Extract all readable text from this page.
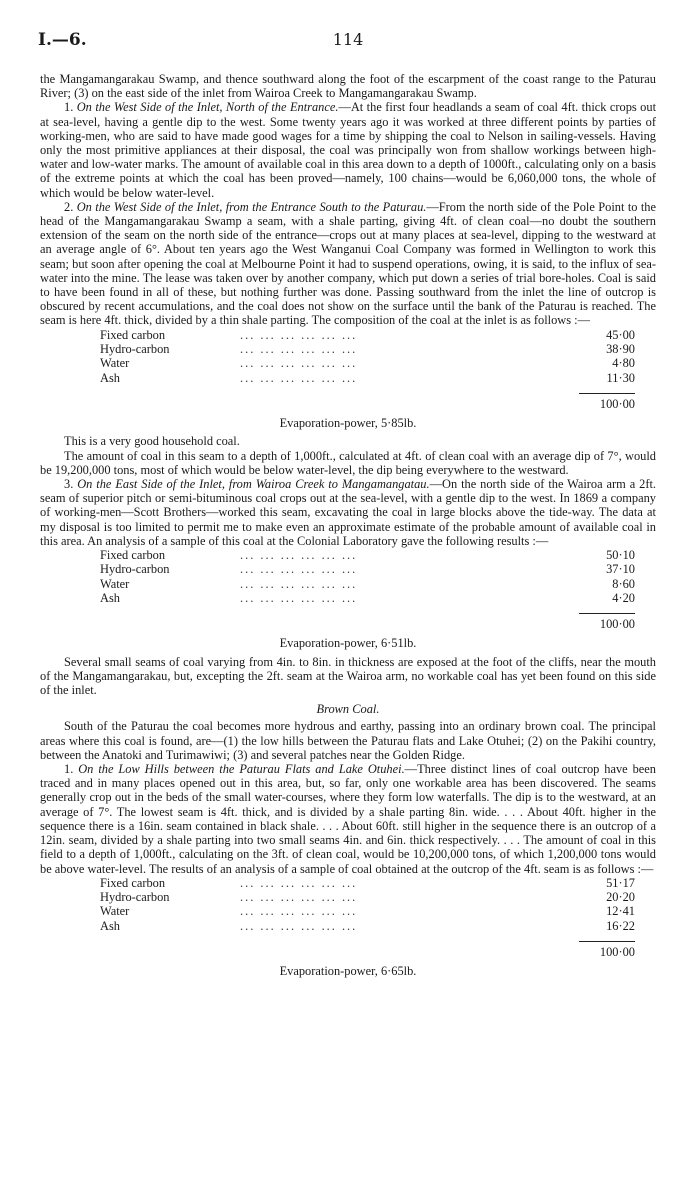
I.—6.	114

the Mangamangarakau Swamp, and thence southward along the foot of the escarpment of the coast range to the Paturau River; (3) on the east side of the inlet from Wairoa Creek to Mangamangarakau Swamp.

1. On the West Side of the Inlet, North of the Entrance.—At the first four headlands a seam of coal 4ft. thick crops out at sea-level, having a gentle dip to the west. Some twenty years ago it was worked at three different points by parties of working-men, who are said to have made good wages for a time by shipping the coal to Nelson in sailing-vessels. Having only the most primitive appliances at their disposal, the coal was principally won from shallow workings between high-water and low-water marks. The amount of available coal in this area down to a depth of 1000ft., calculating only on a basis of the extreme points at which the coal has been proved—namely, 100 chains—would be 6,060,000 tons, the whole of which would be below water-level.

2. On the West Side of the Inlet, from the Entrance South to the Paturau.—From the north side of the Pole Point to the head of the Mangamangarakau Swamp a seam, with a shale parting, giving 4ft. of clean coal—no doubt the southern extension of the seam on the north side of the entrance—crops out at many places at sea-level, dipping to the westward at an average angle of 6°. About ten years ago the West Wanganui Coal Company was formed in Wellington to work this seam; but soon after opening the coal at Melbourne Point it had to suspend operations, owing, it is said, to the influx of sea-water into the mine. The lease was taken over by another company, which put down a series of trial bore-holes. Coal is said to have been found in all of these, but nothing further was done. Passing southward from the inlet the line of outcrop is obscured by recent accumulations, and the coal does not show on the surface until the bank of the Paturau is reached. The seam is here 4ft. thick, divided by a thin shale parting. The composition of the coal at the inlet is as follows :—

Fixed carbon	... ... ... ... ... ...	45·00
Hydro-carbon	... ... ... ... ... ...	38·90
Water	... ... ... ... ... ...	4·80
Ash	... ... ... ... ... ...	11·30

		100·00

Evaporation-power, 5·85lb.

This is a very good household coal.

The amount of coal in this seam to a depth of 1,000ft., calculated at 4ft. of clean coal with an average dip of 7°, would be 19,200,000 tons, most of which would be below water-level, the dip being everywhere to the westward.

3. On the East Side of the Inlet, from Wairoa Creek to Mangamangatau.—On the north side of the Wairoa arm a 2ft. seam of superior pitch or semi-bituminous coal crops out at the sea-level, with a gentle dip to the west. In 1869 a company of working-men—Scott Brothers—worked this seam, excavating the coal in large blocks above the tide-way. The data at my disposal is too limited to permit me to make even an approximate estimate of the probable amount of available coal in this area. An analysis of a sample of this coal at the Colonial Laboratory gave the following results :—

Fixed carbon	... ... ... ... ... ...	50·10
Hydro-carbon	... ... ... ... ... ...	37·10
Water	... ... ... ... ... ...	8·60
Ash	... ... ... ... ... ...	4·20

		100·00

Evaporation-power, 6·51lb.

Several small seams of coal varying from 4in. to 8in. in thickness are exposed at the foot of the cliffs, near the mouth of the Mangamangarakau, but, excepting the 2ft. seam at the Wairoa arm, no workable coal has yet been found on this side of the inlet.

Brown Coal.

South of the Paturau the coal becomes more hydrous and earthy, passing into an ordinary brown coal. The principal areas where this coal is found, are—(1) the low hills between the Paturau flats and Lake Otuhei; (2) on the Pakihi country, between the Anatoki and Turimawiwi; (3) and several patches near the Golden Ridge.

1. On the Low Hills between the Paturau Flats and Lake Otuhei.—Three distinct lines of coal outcrop have been traced and in many places opened out in this area, but, so far, only one workable area has been discovered. The seams generally crop out in the beds of the small water-courses, where they form low waterfalls. The dip is to the westward, at an average of 7°. The lowest seam is 4ft. thick, and is divided by a shale parting 8in. wide. . . . About 40ft. higher in the sequence there is a 16in. seam contained in black shale. . . . About 60ft. still higher in the sequence there is an outcrop of a 12in. seam, divided by a shale parting into two small seams 4in. and 6in. thick respectively. . . . The amount of coal in this field to a depth of 1,000ft., calculating on the 3ft. of clean coal, would be 10,200,000 tons, of which 1,200,000 tons would be above water-level. The results of an analysis of a sample of coal obtained at the outcrop of the 4ft. seam is as follows :—

Fixed carbon	... ... ... ... ... ...	51·17
Hydro-carbon	... ... ... ... ... ...	20·20
Water	... ... ... ... ... ...	12·41
Ash	... ... ... ... ... ...	16·22

		100·00

Evaporation-power, 6·65lb.
